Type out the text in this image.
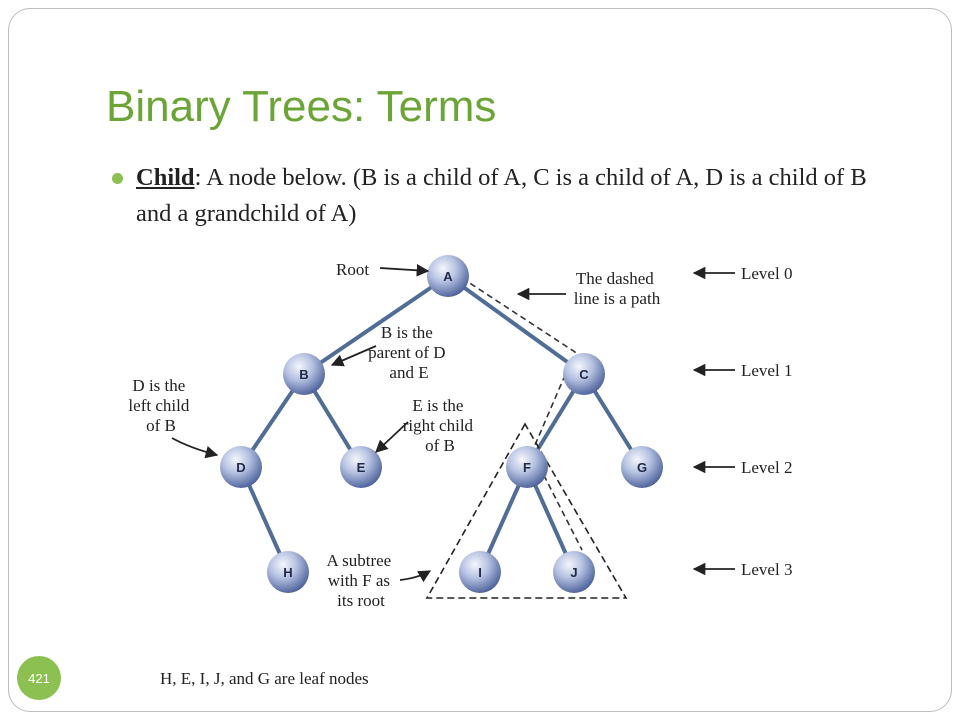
Binary Trees: Terms

Child: A node below. (B is a child of A, C is a child of A, D is a child of B and a grandchild of A)

A
B	C
D	E	F	G
H	I	J
Root	The dashed line is a path
B is the parent of D and E
D is the left child of B
E is the right child of B
A subtree with F as its root
Level 0
Level 1
Level 2
Level 3
H, E, I, J, and G are leaf nodes
421
